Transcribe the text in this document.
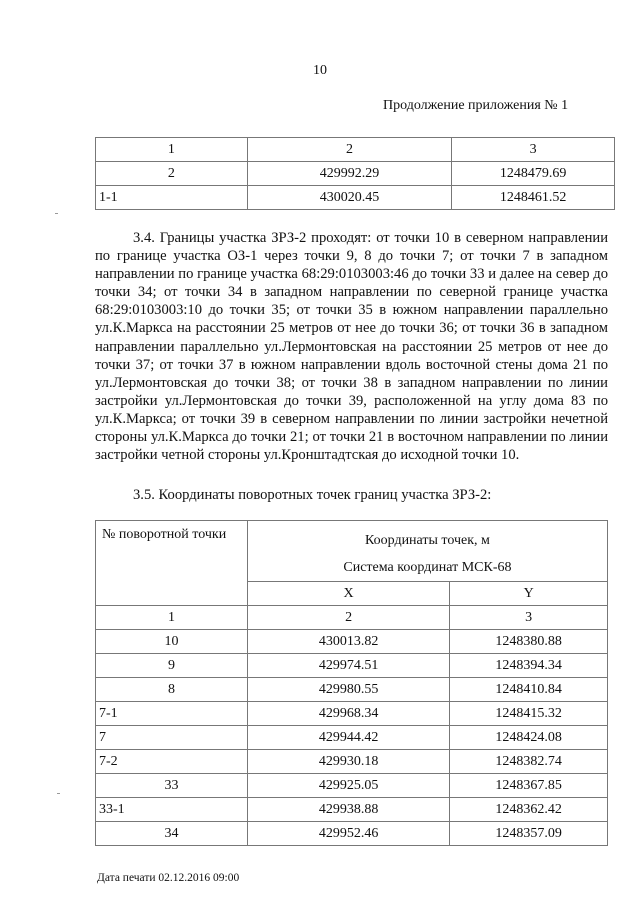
10
Продолжение приложения № 1
1	2	3
2	429992.29	1248479.69
1-1	430020.45	1248461.52
3.4. Границы участка ЗРЗ-2 проходят: от точки 10 в северном направлении по границе участка ОЗ-1 через точки 9, 8 до точки 7; от точки 7 в западном направлении по границе участка 68:29:0103003:46 до точки 33 и далее на север до точки 34; от точки 34 в западном направлении по северной границе участка 68:29:0103003:10 до точки 35; от точки 35 в южном направлении параллельно ул.К.Маркса на расстоянии 25 метров от нее до точки 36; от точки 36 в западном направлении параллельно ул.Лермонтовская на расстоянии 25 метров от нее до точки 37; от точки 37 в южном направлении вдоль восточной стены дома 21 по ул.Лермонтовская до точки 38; от точки 38 в западном направлении по линии застройки ул.Лермонтовская до точки 39, расположенной на углу дома 83 по ул.К.Маркса; от точки 39 в северном направлении по линии застройки нечетной стороны ул.К.Маркса до точки 21; от точки 21 в восточном направлении по линии застройки четной стороны ул.Кронштадтская до исходной точки 10.
3.5. Координаты поворотных точек границ участка ЗРЗ-2:
№ поворотной точки	Координаты точек, м
Система координат МСК-68	

	X	Y
1	2	3
10	430013.82	1248380.88
9	429974.51	1248394.34
8	429980.55	1248410.84
7-1	429968.34	1248415.32
7	429944.42	1248424.08
7-2	429930.18	1248382.74
33	429925.05	1248367.85
33-1	429938.88	1248362.42
34	429952.46	1248357.09
Дата печати 02.12.2016 09:00
